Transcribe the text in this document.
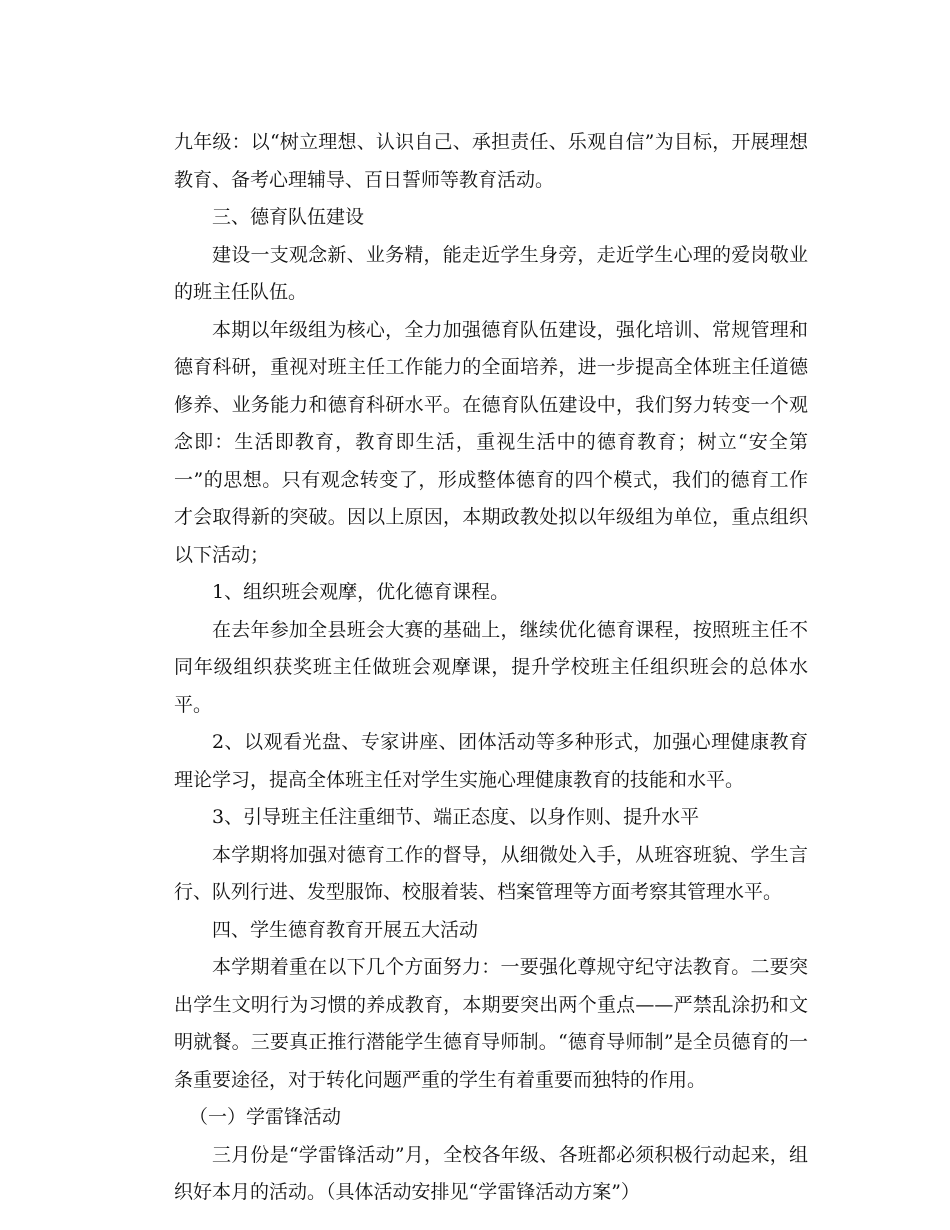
九年级：以“树立理想、认识自己、承担责任、乐观自信”为目标，开展理想教育、备考心理辅导、百日誓师等教育活动。

三、德育队伍建设

建设一支观念新、业务精，能走近学生身旁，走近学生心理的爱岗敬业的班主任队伍。

本期以年级组为核心，全力加强德育队伍建设，强化培训、常规管理和德育科研，重视对班主任工作能力的全面培养，进一步提高全体班主任道德修养、业务能力和德育科研水平。在德育队伍建设中，我们努力转变一个观念即：生活即教育，教育即生活，重视生活中的德育教育；树立“安全第一”的思想。只有观念转变了，形成整体德育的四个模式，我们的德育工作才会取得新的突破。因以上原因，本期政教处拟以年级组为单位，重点组织以下活动；

1、组织班会观摩，优化德育课程。

在去年参加全县班会大赛的基础上，继续优化德育课程，按照班主任不同年级组织获奖班主任做班会观摩课，提升学校班主任组织班会的总体水平。

2、以观看光盘、专家讲座、团体活动等多种形式，加强心理健康教育理论学习，提高全体班主任对学生实施心理健康教育的技能和水平。

3、引导班主任注重细节、端正态度、以身作则、提升水平

本学期将加强对德育工作的督导，从细微处入手，从班容班貌、学生言行、队列行进、发型服饰、校服着装、档案管理等方面考察其管理水平。

四、学生德育教育开展五大活动

本学期着重在以下几个方面努力：一要强化尊规守纪守法教育。二要突出学生文明行为习惯的养成教育，本期要突出两个重点——严禁乱涂扔和文明就餐。三要真正推行潜能学生德育导师制。“德育导师制”是全员德育的一条重要途径，对于转化问题严重的学生有着重要而独特的作用。

（一）学雷锋活动

三月份是“学雷锋活动”月，全校各年级、各班都必须积极行动起来，组织好本月的活动。（具体活动安排见“学雷锋活动方案”）
